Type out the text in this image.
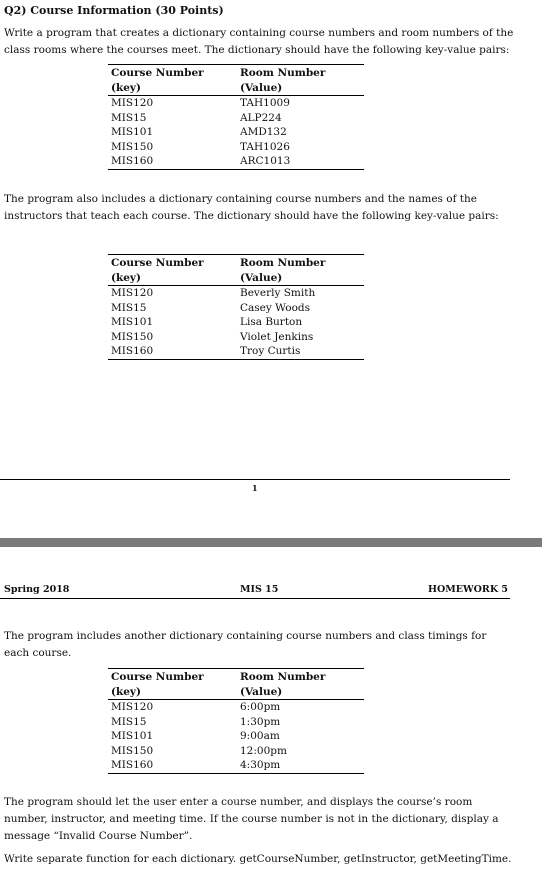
Q2) Course Information (30 Points)
Write a program that creates a dictionary containing course numbers and room numbers of the class rooms where the courses meet. The dictionary should have the following key-value pairs:
Course Number	Room Number
(key)	(Value)
MIS120	TAH1009
MIS15	ALP224
MIS101	AMD132
MIS150	TAH1026
MIS160	ARC1013
The program also includes a dictionary containing course numbers and the names of the instructors that teach each course. The dictionary should have the following key-value pairs:
Course Number	Room Number
(key)	(Value)
MIS120	Beverly Smith
MIS15	Casey Woods
MIS101	Lisa Burton
MIS150	Violet Jenkins
MIS160	Troy Curtis
1
Spring 2018	MIS 15	HOMEWORK 5
The program includes another dictionary containing course numbers and class timings for each course.
Course Number	Room Number
(key)	(Value)
MIS120	6:00pm
MIS15	1:30pm
MIS101	9:00am
MIS150	12:00pm
MIS160	4:30pm
The program should let the user enter a course number, and displays the course’s room number, instructor, and meeting time. If the course number is not in the dictionary, display a message “Invalid Course Number”.
Write separate function for each dictionary. getCourseNumber, getInstructor, getMeetingTime.
